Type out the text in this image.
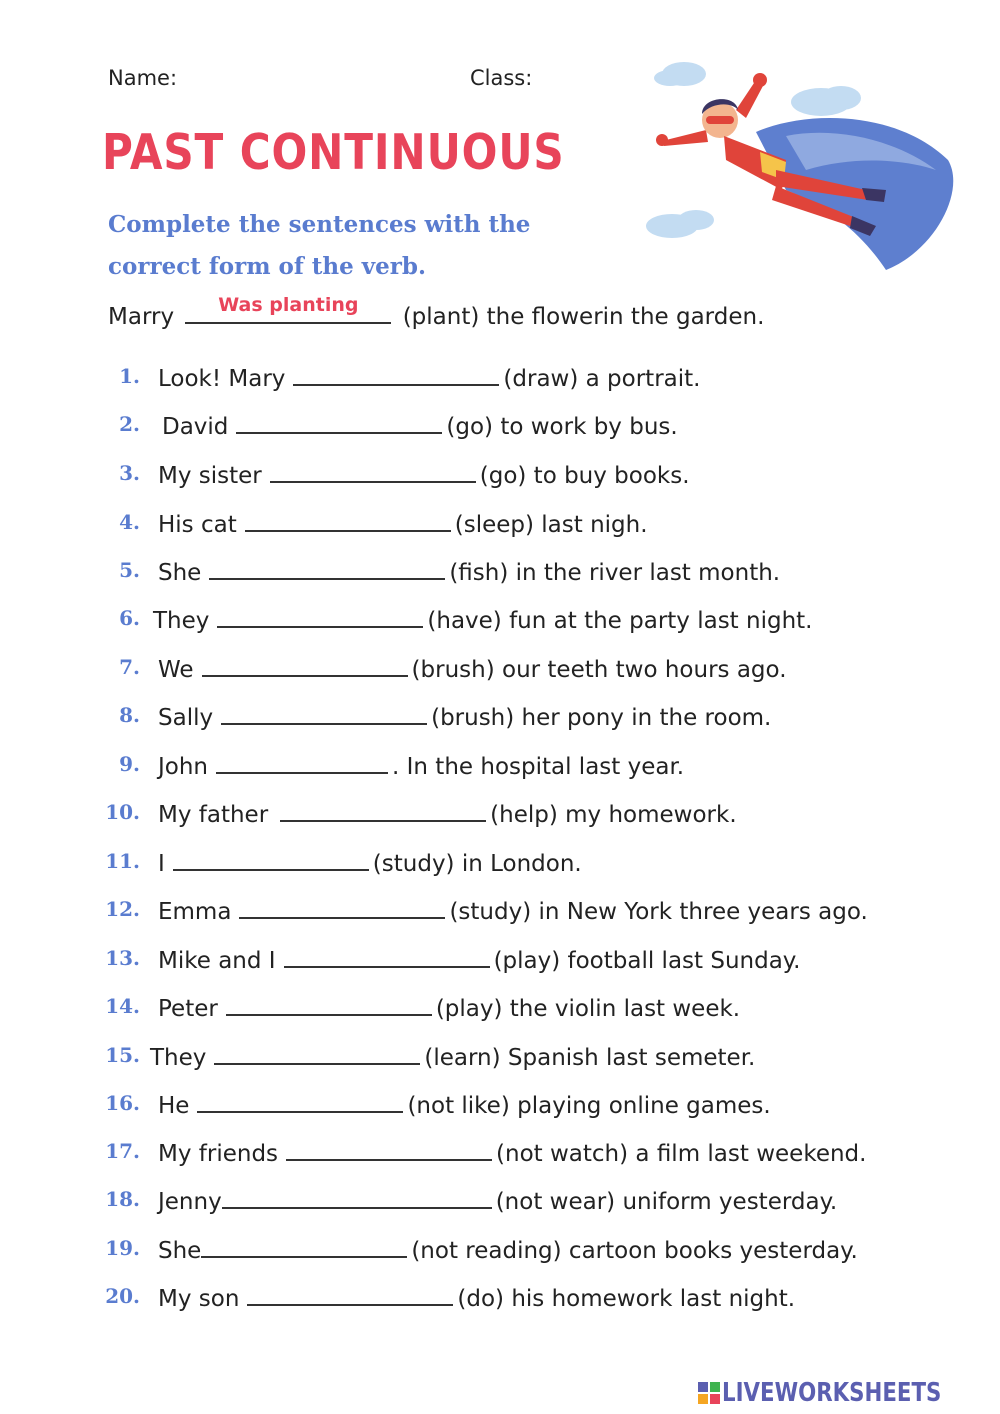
Name:	Class:
PAST CONTINUOUS
Complete the sentences with the correct form of the verb.
Marry	Was planting	(plant) the flowerin the garden.
1. Look! Mary	(draw) a portrait.
2. David	(go) to work by bus.
3. My sister	(go) to buy books.
4. His cat	(sleep) last nigh.
5. She	(fish) in the river last month.
6. They	(have) fun at the party last night.
7. We	(brush) our teeth two hours ago.
8. Sally	(brush) her pony in the room.
9. John	. In the hospital last year.
10. My father	(help) my homework.
11. I	(study) in London.
12. Emma	(study) in New York three years ago.
13. Mike and I	(play) football last Sunday.
14. Peter	(play) the violin last week.
15. They	(learn) Spanish last semeter.
16. He	(not like) playing online games.
17. My friends	(not watch) a film last weekend.
18. Jenny	(not wear) uniform yesterday.
19. She	(not reading) cartoon books yesterday.
20. My son	(do) his homework last night.
LIVEWORKSHEETS
